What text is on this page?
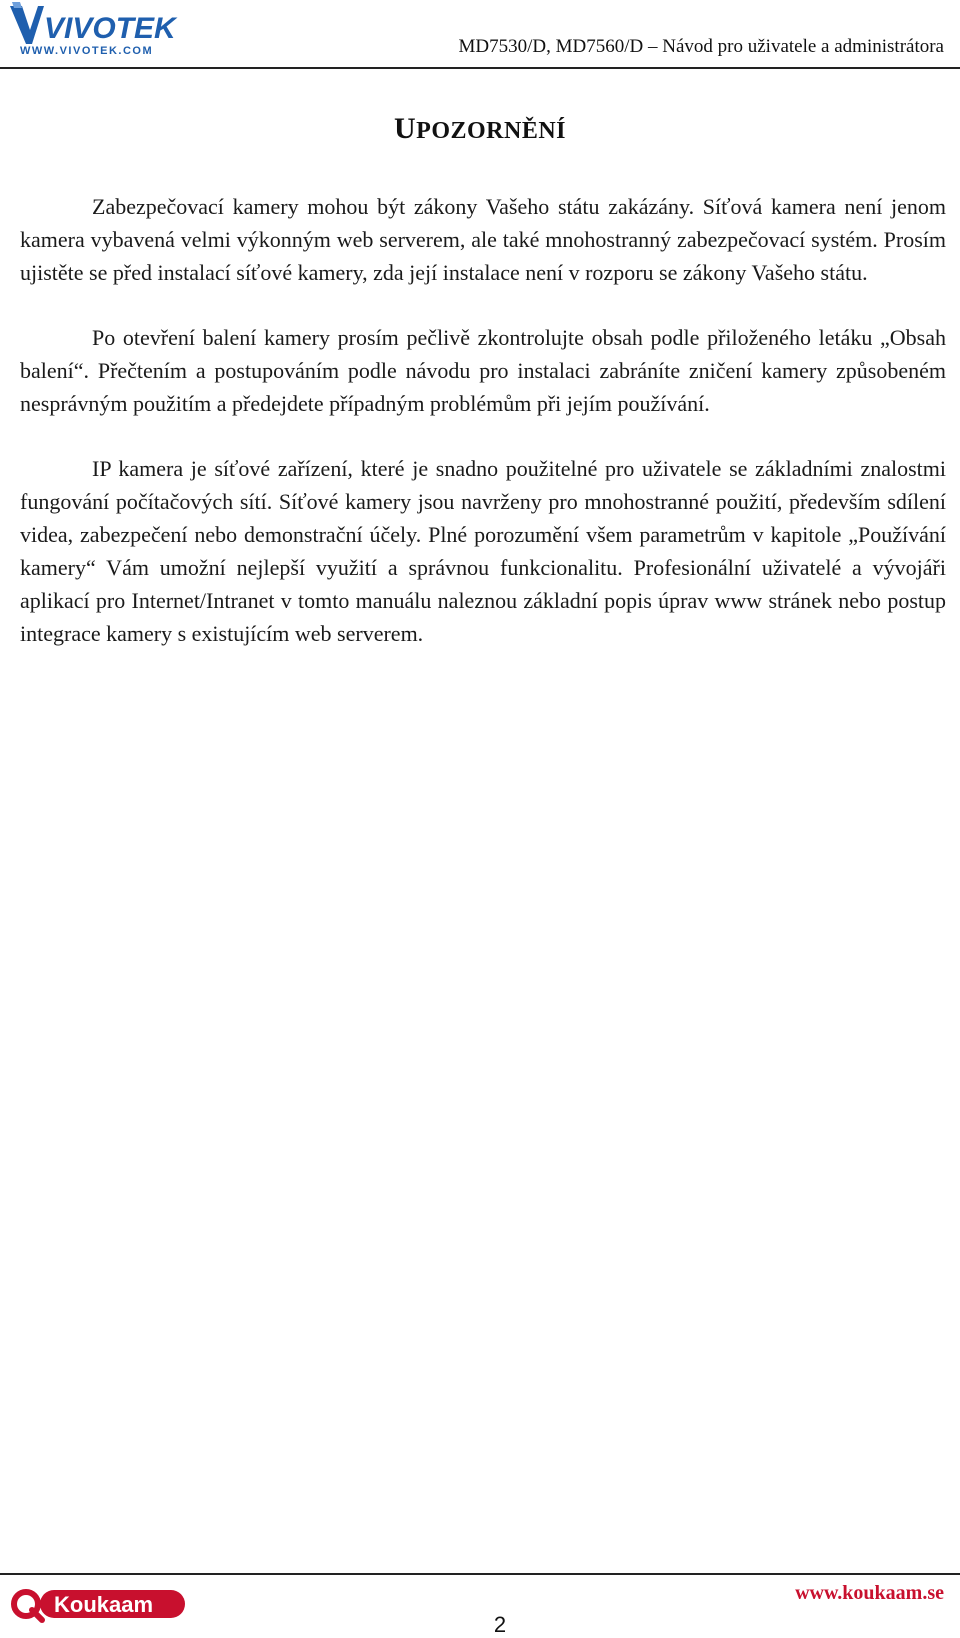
VIVOTEK
WWW.VIVOTEK.COM	MD7530/D, MD7560/D – Návod pro uživatele a administrátora
UPOZORNĚNÍ

Zabezpečovací kamery mohou být zákony Vašeho státu zakázány. Síťová kamera není jenom kamera vybavená velmi výkonným web serverem, ale také mnohostranný zabezpečovací systém. Prosím ujistěte se před instalací síťové kamery, zda její instalace není v rozporu se zákony Vašeho státu.

Po otevření balení kamery prosím pečlivě zkontrolujte obsah podle přiloženého letáku „Obsah balení“. Přečtením a postupováním podle návodu pro instalaci zabráníte zničení kamery způsobeném nesprávným použitím a předejdete případným problémům při jejím používání.

IP kamera je síťové zařízení, které je snadno použitelné pro uživatele se základními znalostmi fungování počítačových sítí. Síťové kamery jsou navrženy pro mnohostranné použití, především sdílení videa, zabezpečení nebo demonstrační účely. Plné porozumění všem parametrům v kapitole „Používání kamery“ Vám umožní nejlepší využití a správnou funkcionalitu. Profesionální uživatelé a vývojáři aplikací pro Internet/Intranet v tomto manuálu naleznou základní popis úprav www stránek nebo postup integrace kamery s existujícím web serverem.

Koukaam	www.koukaam.se
2
